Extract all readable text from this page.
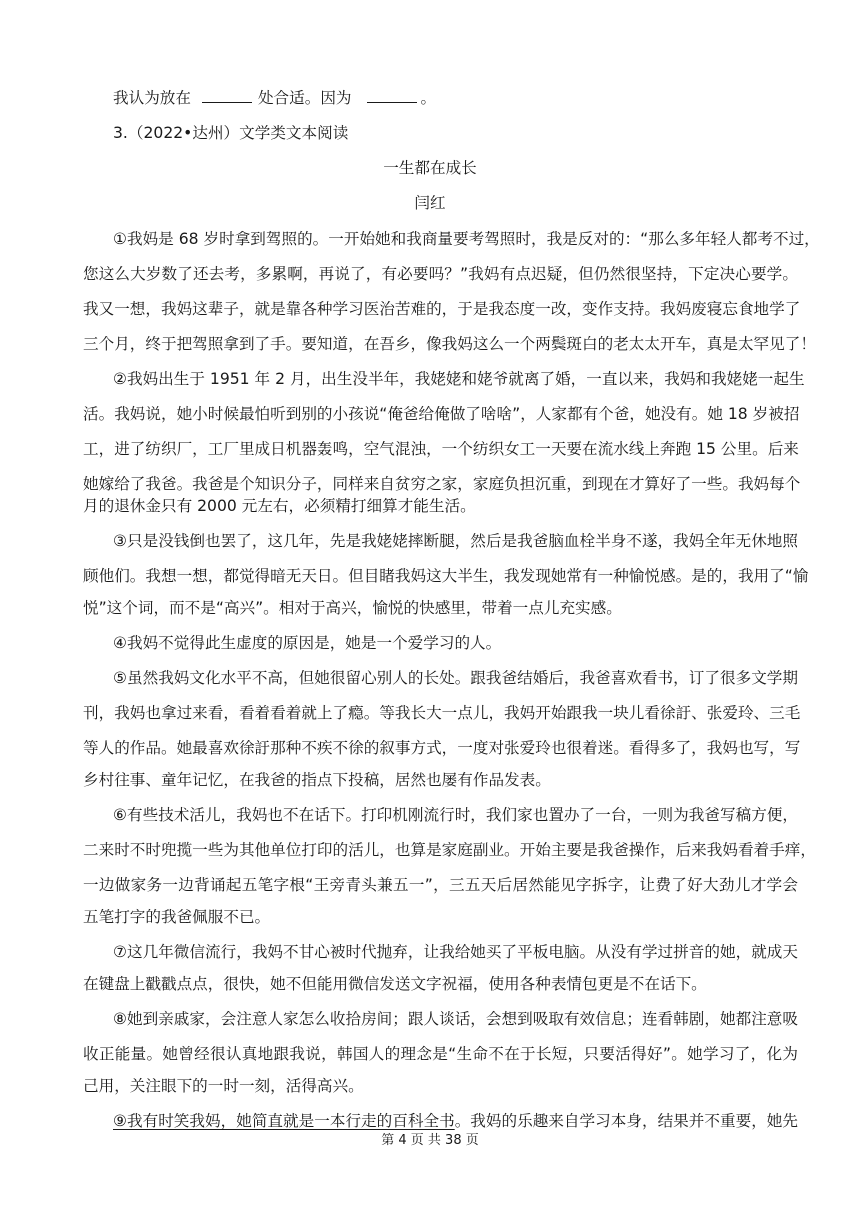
我认为放在	处合适。因为	。
3.（2022•达州）文学类文本阅读
一生都在成长
闫红
①我妈是 68 岁时拿到驾照的。一开始她和我商量要考驾照时，我是反对的：“那么多年轻人都考不过，
您这么大岁数了还去考，多累啊，再说了，有必要吗？”我妈有点迟疑，但仍然很坚持，下定决心要学。
我又一想，我妈这辈子，就是靠各种学习医治苦难的，于是我态度一改，变作支持。我妈废寝忘食地学了
三个月，终于把驾照拿到了手。要知道，在吾乡，像我妈这么一个两鬓斑白的老太太开车，真是太罕见了！
②我妈出生于 1951 年 2 月，出生没半年，我姥姥和姥爷就离了婚，一直以来，我妈和我姥姥一起生
活。我妈说，她小时候最怕听到别的小孩说“俺爸给俺做了啥啥”，人家都有个爸，她没有。她 18 岁被招
工，进了纺织厂，工厂里成日机器轰鸣，空气混浊，一个纺织女工一天要在流水线上奔跑 15 公里。后来
她嫁给了我爸。我爸是个知识分子，同样来自贫穷之家，家庭负担沉重，到现在才算好了一些。我妈每个
月的退休金只有 2000 元左右，必须精打细算才能生活。
③只是没钱倒也罢了，这几年，先是我姥姥摔断腿，然后是我爸脑血栓半身不遂，我妈全年无休地照
顾他们。我想一想，都觉得暗无天日。但目睹我妈这大半生，我发现她常有一种愉悦感。是的，我用了“愉
悦”这个词，而不是“高兴”。相对于高兴，愉悦的快感里，带着一点儿充实感。
④我妈不觉得此生虚度的原因是，她是一个爱学习的人。
⑤虽然我妈文化水平不高，但她很留心别人的长处。跟我爸结婚后，我爸喜欢看书，订了很多文学期
刊，我妈也拿过来看，看着看着就上了瘾。等我长大一点儿，我妈开始跟我一块儿看徐訏、张爱玲、三毛
等人的作品。她最喜欢徐訏那种不疾不徐的叙事方式，一度对张爱玲也很着迷。看得多了，我妈也写，写
乡村往事、童年记忆，在我爸的指点下投稿，居然也屡有作品发表。
⑥有些技术活儿，我妈也不在话下。打印机刚流行时，我们家也置办了一台，一则为我爸写稿方便，
二来时不时兜揽一些为其他单位打印的活儿，也算是家庭副业。开始主要是我爸操作，后来我妈看着手痒，
一边做家务一边背诵起五笔字根“王旁青头兼五一”，三五天后居然能见字拆字，让费了好大劲儿才学会
五笔打字的我爸佩服不已。
⑦这几年微信流行，我妈不甘心被时代抛弃，让我给她买了平板电脑。从没有学过拼音的她，就成天
在键盘上戳戳点点，很快，她不但能用微信发送文字祝福，使用各种表情包更是不在话下。
⑧她到亲戚家，会注意人家怎么收拾房间；跟人谈话，会想到吸取有效信息；连看韩剧，她都注意吸
收正能量。她曾经很认真地跟我说，韩国人的理念是“生命不在于长短，只要活得好”。她学习了，化为
己用，关注眼下的一时一刻，活得高兴。
⑨我有时笑我妈，她简直就是一本行走的百科全书。我妈的乐趣来自学习本身，结果并不重要，她先
第 4 页 共 38 页
